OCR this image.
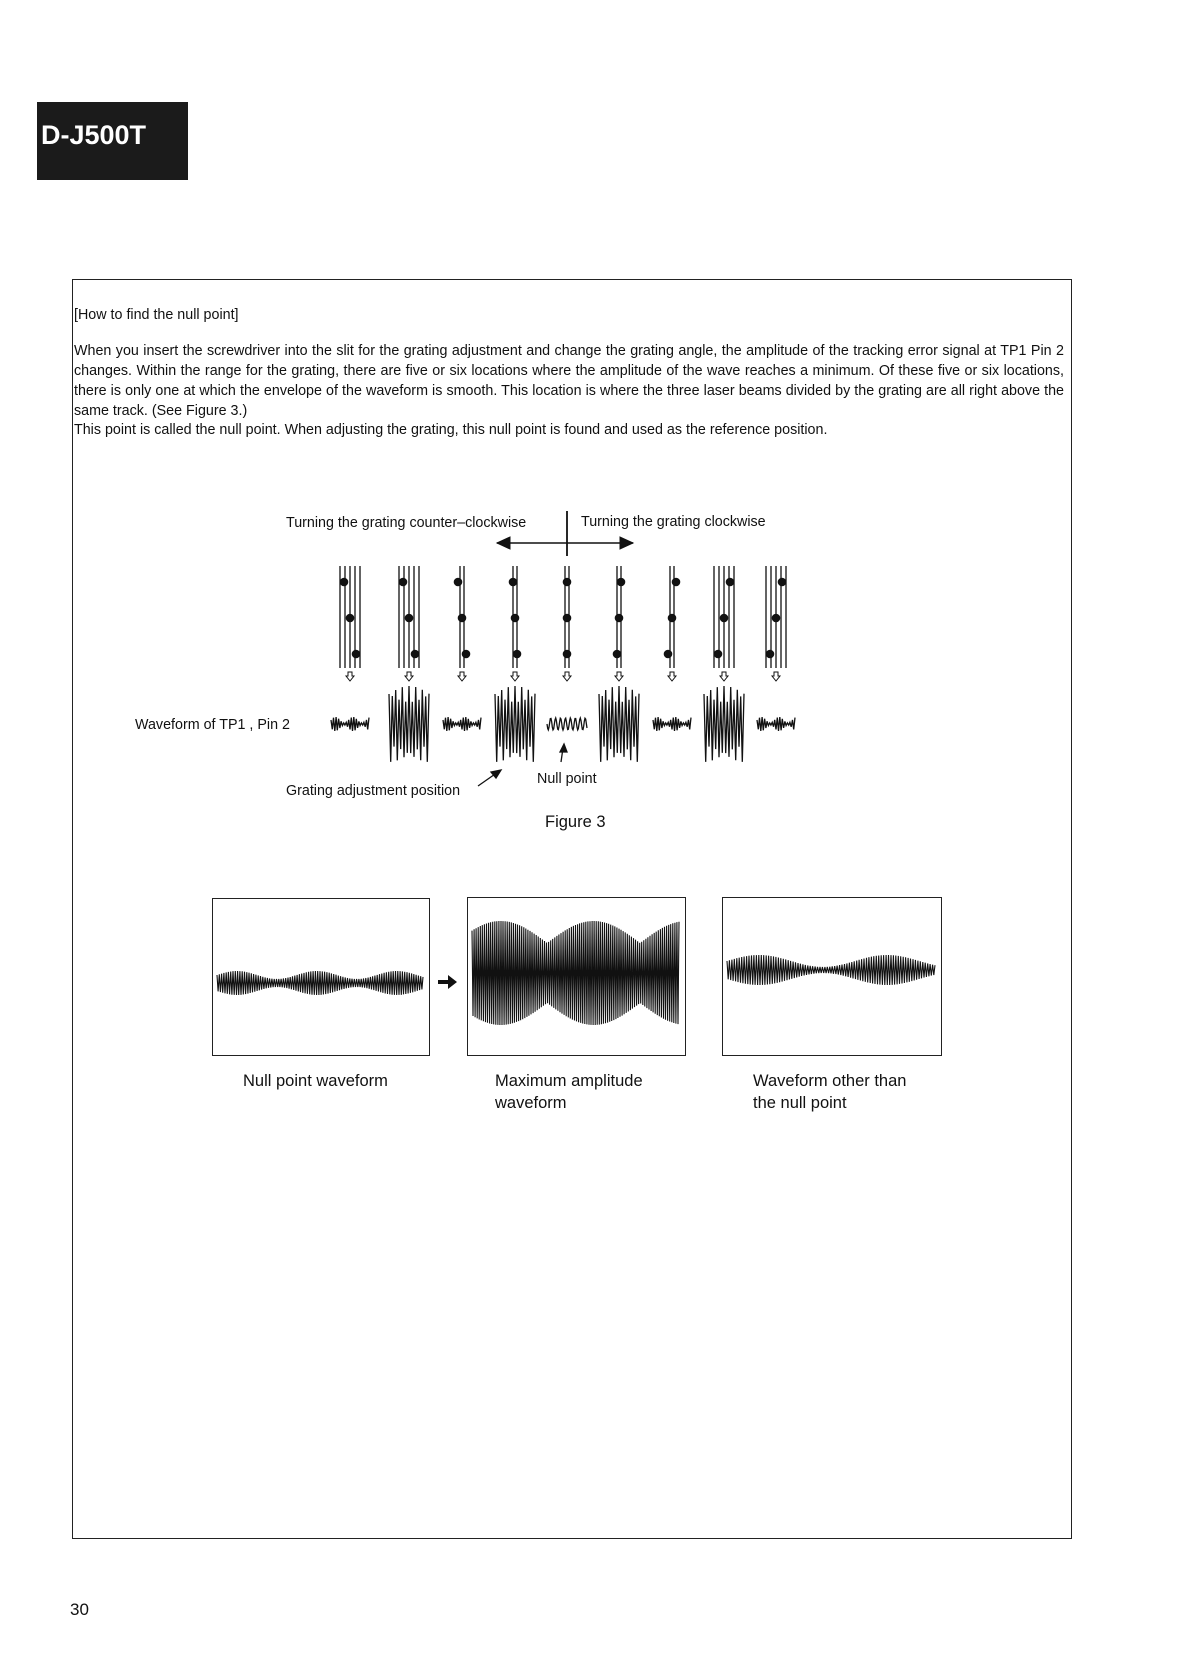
D-J500T
[How to find the null point]
When you insert the screwdriver into the slit for the grating adjustment and change the grating angle, the amplitude of the tracking error signal at TP1 Pin 2 changes. Within the range for the grating, there are five or six locations where the amplitude of the wave reaches a minimum. Of these five or six locations, there is only one at which the envelope of the waveform is smooth. This location is where the three laser beams divided by the grating are all right above the same track. (See Figure 3.)
This point is called the null point. When adjusting the grating, this null point is found and used as the reference position.
Turning the grating counter–clockwise	Turning the grating clockwise
Waveform of TP1 , Pin 2
Grating adjustment position
Null point
Figure 3
Null point waveform	Maximum amplitude
waveform
Waveform other than
the null point
30
